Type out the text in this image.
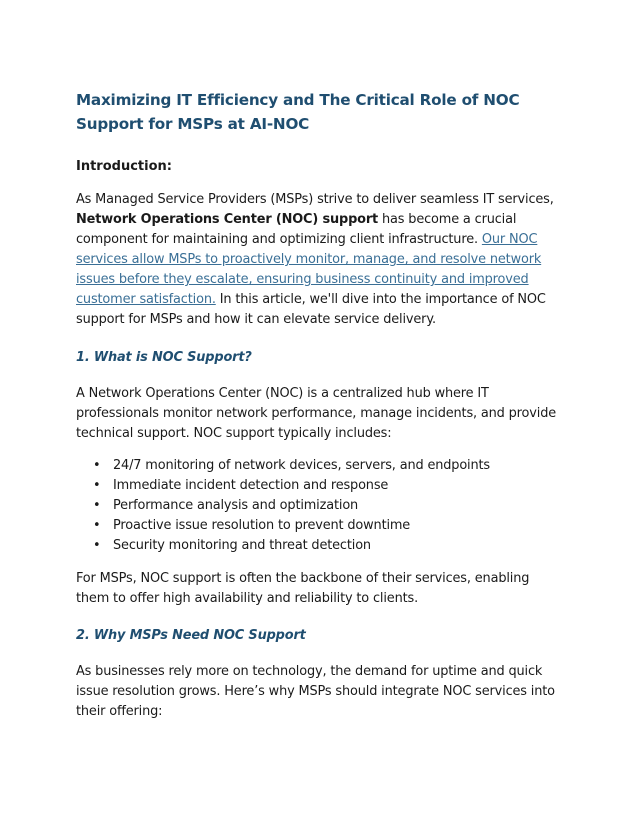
Maximizing IT Efficiency and The Critical Role of NOC Support for MSPs at AI-NOC
Introduction:

As Managed Service Providers (MSPs) strive to deliver seamless IT services, Network Operations Center (NOC) support has become a crucial component for maintaining and optimizing client infrastructure. Our NOC services allow MSPs to proactively monitor, manage, and resolve network issues before they escalate, ensuring business continuity and improved customer satisfaction. In this article, we'll dive into the importance of NOC support for MSPs and how it can elevate service delivery.

1. What is NOC Support?

A Network Operations Center (NOC) is a centralized hub where IT professionals monitor network performance, manage incidents, and provide technical support. NOC support typically includes:

• 24/7 monitoring of network devices, servers, and endpoints
• Immediate incident detection and response
• Performance analysis and optimization
• Proactive issue resolution to prevent downtime
• Security monitoring and threat detection

For MSPs, NOC support is often the backbone of their services, enabling them to offer high availability and reliability to clients.

2. Why MSPs Need NOC Support

As businesses rely more on technology, the demand for uptime and quick issue resolution grows. Here’s why MSPs should integrate NOC services into their offering:
